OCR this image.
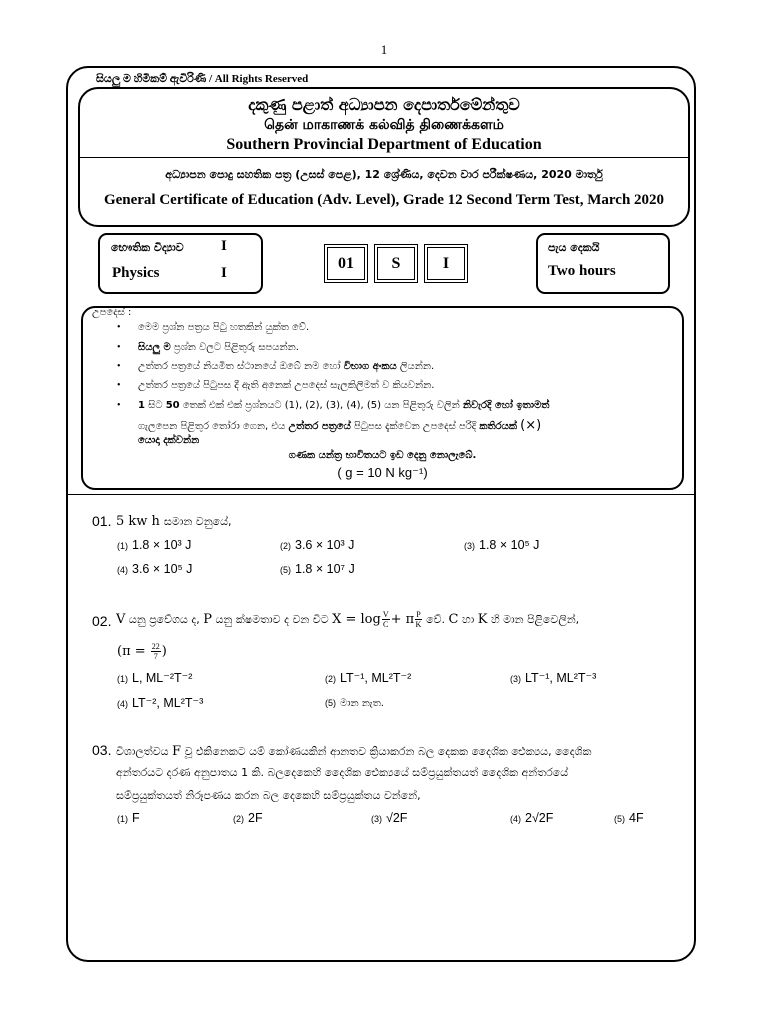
1
සියලු ම හිමිකම් ඇවිරිණි / All Rights Reserved
දකුණු පළාත් අධ්‍යාපන දෙපාර්තමේන්තුව
தென் மாகாணக் கல்வித் திணைக்களம்
Southern Provincial Department of Education
අධ්‍යාපන පොදු සහතික පත්‍ර (උසස් පෙළ), 12 ශ්‍රේණිය, දෙවන වාර පරීක්ෂණය, 2020 මාර්තු
General Certificate of Education (Adv. Level), Grade 12 Second Term Test, March 2020
භෞතික විද්‍යාව I
Physics	I
01	S	I
පැය දෙකයි
Two hours
උපදෙස් :
• මෙම ප්‍රශ්න පත්‍රය පිටු හතකින් යුක්ත වේ.
• සියලු ම ප්‍රශ්න වලට පිළිතුරු සපයන්න.
• උත්තර පත්‍රයේ නියමිත ස්ථානයේ ඔබේ නම හෝ විභාග අංකය ලියන්න.
• උත්තර පත්‍රයේ පිටුපස දී ඇති අනෙක් උපදෙස් සැලකිලිමත් ව කියවන්න.
• 1 සිට 50 තෙක් එක් එක් ප්‍රශ්නයට (1), (2), (3), (4), (5) යන පිළිතුරු වලින් නිවැරදි හෝ ඉතාමත්
ගැලපෙන පිළිතුර තෝරා ගෙන, එය උත්තර පත්‍රයේ පිටුපස දැක්වෙන උපදෙස් පරිදි කතිරයක් (×)
යොදා දක්වන්න
ගණක යන්ත්‍ර භාවිතයට ඉඩ දෙනු නොලැබේ.
( g = 10 N kg⁻¹)
01. 5 kw h සමාන වනුයේ,
(1) 1.8 × 10³ J	(2) 3.6 × 10³ J	(3) 1.8 × 10⁵ J
(4) 3.6 × 10⁵ J	(5) 1.8 × 10⁷ J
02. V යනු ප්‍රවේගය ද, P යනු ක්ෂමතාව ද වන විට $X = \log \frac{V}{C} + \pi \frac{P}{K}$ වේ. C හා K හි මාන පිළිවෙලින්,
($\pi = \frac{22}{7}$ )
(1) L, ML⁻²T⁻²	(2) LT⁻¹, ML²T⁻²	(3) LT⁻¹, ML²T⁻³
(4) LT⁻², ML²T⁻³	(5) මාන නැත.
03. විශාලත්වය F වූ එකිනෙකට යම් කෝණයකින් ආනතව ක්‍රියාකරන බල දෙකක දෛශික ඓක්‍යය, දෛශික
අන්තරයට දරණ අනුපාතය 1 කි. බලදෙකෙහි දෛශික ඓක්‍යයේ සම්ප්‍රයුක්තයත් දෛශික අන්තරයේ
සම්ප්‍රයුක්තයත් නිරූපණය කරන බල දෙකෙහි සම්ප්‍රයුක්තය වන්නේ,
(1) F	(2) 2F	(3) √2F	(4) 2√2F	(5) 4F
